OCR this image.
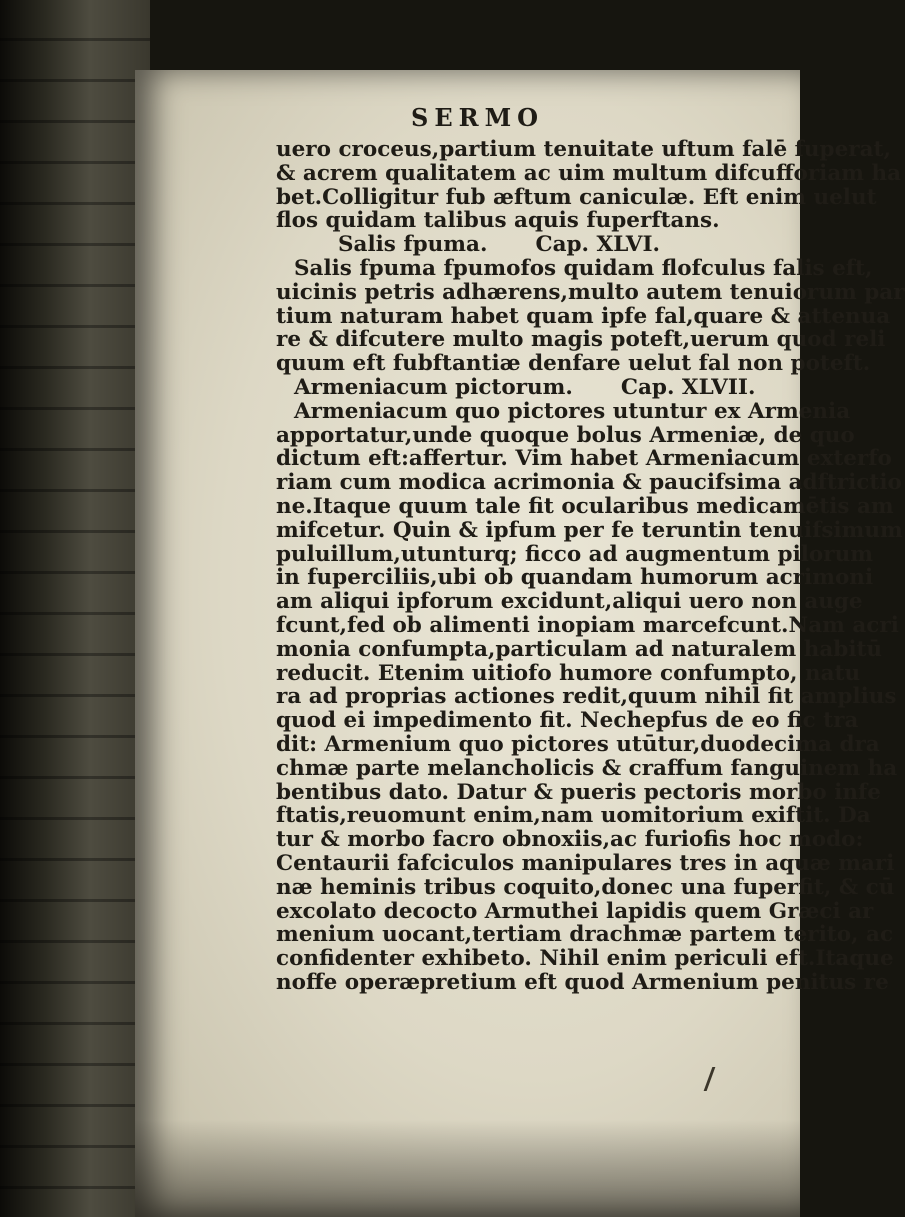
SERMO
uero croceus,partium tenuitate uftum falē fuperat,
& acrem qualitatem ac uim multum difcufforiam ha
bet.Colligitur fub æftum caniculæ. Eft enim uelut
flos quidam talibus aquis fuperftans.
Salis fpuma. Cap. XLVI.
Salis fpuma fpumofos quidam flofculus falis eft,
uicinis petris adhærens,multo autem tenuiorum par
tium naturam habet quam ipfe fal,quare & attenua
re & difcutere multo magis poteft,uerum quod reli
quum eft fubftantiæ denfare uelut fal non poteft.
Armeniacum pictorum. Cap. XLVII.
Armeniacum quo pictores utuntur ex Armenia
apportatur,unde quoque bolus Armeniæ, de quo
dictum eft:affertur. Vim habet Armeniacum exterfo
riam cum modica acrimonia & paucifsima adftrictio
ne.Itaque quum tale fit ocularibus medicamētis am
mifcetur. Quin & ipfum per fe teruntin tenuifsimum
puluillum,utunturq; ficco ad augmentum pilorum
in fuperciliis,ubi ob quandam humorum acrimoni
am aliqui ipforum excidunt,aliqui uero non auge
fcunt,fed ob alimenti inopiam marcefcunt.Nam acri
monia confumpta,particulam ad naturalem habitū
reducit. Etenim uitiofo humore confumpto, natu
ra ad proprias actiones redit,quum nihil fit amplius
quod ei impedimento fit. Nechepfus de eo fic tra
dit: Armenium quo pictores utūtur,duodecima dra
chmæ parte melancholicis & craffum fanguinem ha
bentibus dato. Datur & pueris pectoris morbo infe
ftatis,reuomunt enim,nam uomitorium exiftit. Da
tur & morbo facro obnoxiis,ac furiofis hoc modo:
Centaurii fafciculos manipulares tres in aquæ mari
næ heminis tribus coquito,donec una fuperfit, & cū
excolato decocto Armuthei lapidis quem Græci ar
menium uocant,tertiam drachmæ partem terito, ac
confidenter exhibeto. Nihil enim periculi eft.Itaque
noffe operæpretium eft quod Armenium penitus re
